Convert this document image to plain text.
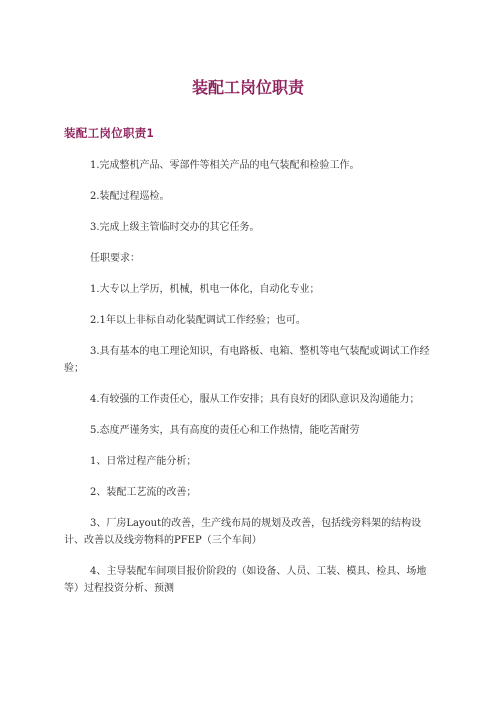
装配工岗位职责
装配工岗位职责1

1.完成整机产品、零部件等相关产品的电气装配和检验工作。

2.装配过程巡检。

3.完成上级主管临时交办的其它任务。

任职要求：

1.大专以上学历，机械，机电一体化，自动化专业；

2.1年以上非标自动化装配调试工作经验；也可。

3.具有基本的电工理论知识，有电路板、电箱、整机等电气装配或调试工作经验；

4.有较强的工作责任心，服从工作安排；具有良好的团队意识及沟通能力；

5.态度严谨务实，具有高度的责任心和工作热情，能吃苦耐劳

1、日常过程产能分析；

2、装配工艺流的改善；

3、厂房Layout的改善，生产线布局的规划及改善，包括线旁料架的结构设计、改善以及线旁物料的PFEP（三个车间）

4、主导装配车间项目报价阶段的（如设备、人员、工装、模具、检具、场地等）过程投资分析、预测
